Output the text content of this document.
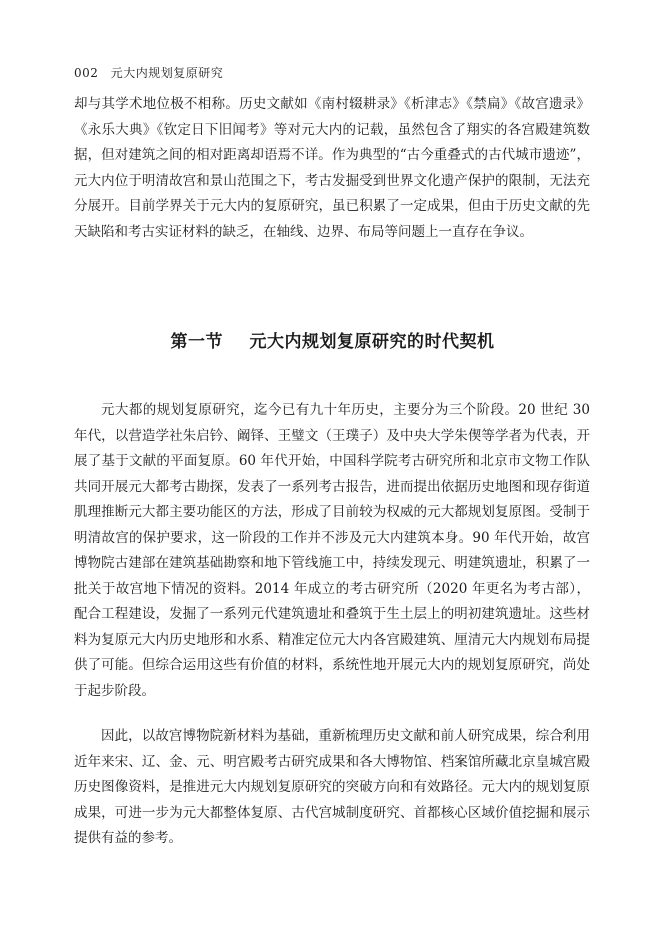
002 元大内规划复原研究

却与其学术地位极不相称。历史文献如《南村辍耕录》《析津志》《禁扁》《故宫遗录》《永乐大典》《钦定日下旧闻考》等对元大内的记载，虽然包含了翔实的各宫殿建筑数据，但对建筑之间的相对距离却语焉不详。作为典型的“古今重叠式的古代城市遗迹”，元大内位于明清故宫和景山范围之下，考古发掘受到世界文化遗产保护的限制，无法充分展开。目前学界关于元大内的复原研究，虽已积累了一定成果，但由于历史文献的先天缺陷和考古实证材料的缺乏，在轴线、边界、布局等问题上一直存在争议。

第一节 元大内规划复原研究的时代契机

元大都的规划复原研究，迄今已有九十年历史，主要分为三个阶段。20 世纪 30 年代，以营造学社朱启钤、阚铎、王璧文（王璞子）及中央大学朱偰等学者为代表，开展了基于文献的平面复原。60 年代开始，中国科学院考古研究所和北京市文物工作队共同开展元大都考古勘探，发表了一系列考古报告，进而提出依据历史地图和现存街道肌理推断元大都主要功能区的方法，形成了目前较为权威的元大都规划复原图。受制于明清故宫的保护要求，这一阶段的工作并不涉及元大内建筑本身。90 年代开始，故宫博物院古建部在建筑基础勘察和地下管线施工中，持续发现元、明建筑遗址，积累了一批关于故宫地下情况的资料。2014 年成立的考古研究所（2020 年更名为考古部），配合工程建设，发掘了一系列元代建筑遗址和叠筑于生土层上的明初建筑遗址。这些材料为复原元大内历史地形和水系、精准定位元大内各宫殿建筑、厘清元大内规划布局提供了可能。但综合运用这些有价值的材料，系统性地开展元大内的规划复原研究，尚处于起步阶段。

因此，以故宫博物院新材料为基础，重新梳理历史文献和前人研究成果，综合利用近年来宋、辽、金、元、明宫殿考古研究成果和各大博物馆、档案馆所藏北京皇城宫殿历史图像资料，是推进元大内规划复原研究的突破方向和有效路径。元大内的规划复原成果，可进一步为元大都整体复原、古代宫城制度研究、首都核心区域价值挖掘和展示提供有益的参考。
